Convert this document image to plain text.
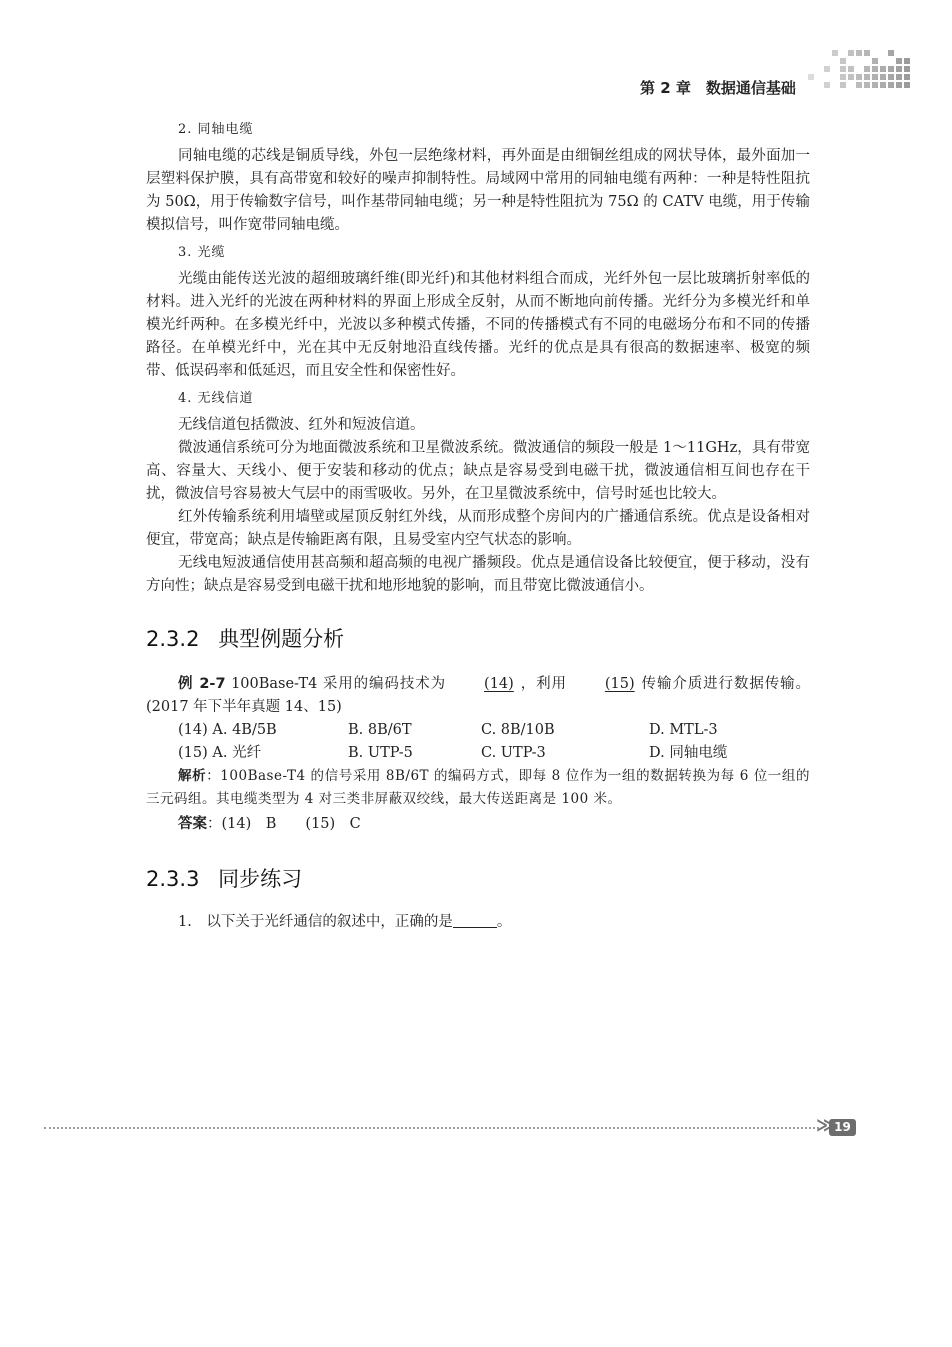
第 2 章　数据通信基础

2. 同轴电缆

同轴电缆的芯线是铜质导线，外包一层绝缘材料，再外面是由细铜丝组成的网状导体，最外面加一层塑料保护膜，具有高带宽和较好的噪声抑制特性。局域网中常用的同轴电缆有两种：一种是特性阻抗为 50Ω，用于传输数字信号，叫作基带同轴电缆；另一种是特性阻抗为 75Ω 的 CATV 电缆，用于传输模拟信号，叫作宽带同轴电缆。

3. 光缆

光缆由能传送光波的超细玻璃纤维(即光纤)和其他材料组合而成，光纤外包一层比玻璃折射率低的材料。进入光纤的光波在两种材料的界面上形成全反射，从而不断地向前传播。光纤分为多模光纤和单模光纤两种。在多模光纤中，光波以多种模式传播，不同的传播模式有不同的电磁场分布和不同的传播路径。在单模光纤中，光在其中无反射地沿直线传播。光纤的优点是具有很高的数据速率、极宽的频带、低误码率和低延迟，而且安全性和保密性好。

4. 无线信道

无线信道包括微波、红外和短波信道。

微波通信系统可分为地面微波系统和卫星微波系统。微波通信的频段一般是 1～11GHz，具有带宽高、容量大、天线小、便于安装和移动的优点；缺点是容易受到电磁干扰，微波通信相互间也存在干扰，微波信号容易被大气层中的雨雪吸收。另外，在卫星微波系统中，信号时延也比较大。

红外传输系统利用墙壁或屋顶反射红外线，从而形成整个房间内的广播通信系统。优点是设备相对便宜，带宽高；缺点是传输距离有限，且易受室内空气状态的影响。

无线电短波通信使用甚高频和超高频的电视广播频段。优点是通信设备比较便宜，便于移动，没有方向性；缺点是容易受到电磁干扰和地形地貌的影响，而且带宽比微波通信小。

2.3.2 典型例题分析

例 2-7 100Base-T4 采用的编码技术为	(14) ，利用	(15) 传输介质进行数据传输。(2017 年下半年真题 14、15)

(14) A. 4B/5B	B. 8B/6T	C. 8B/10B	D. MTL-3
(15) A. 光纤	B. UTP-5	C. UTP-3	D. 同轴电缆

解析：100Base-T4 的信号采用 8B/6T 的编码方式，即每 8 位作为一组的数据转换为每 6 位一组的三元码组。其电缆类型为 4 对三类非屏蔽双绞线，最大传送距离是 100 米。

答案：(14)　B　　(15)　C

2.3.3 同步练习

1.　以下关于光纤通信的叙述中，正确的是	。

≫ 19
